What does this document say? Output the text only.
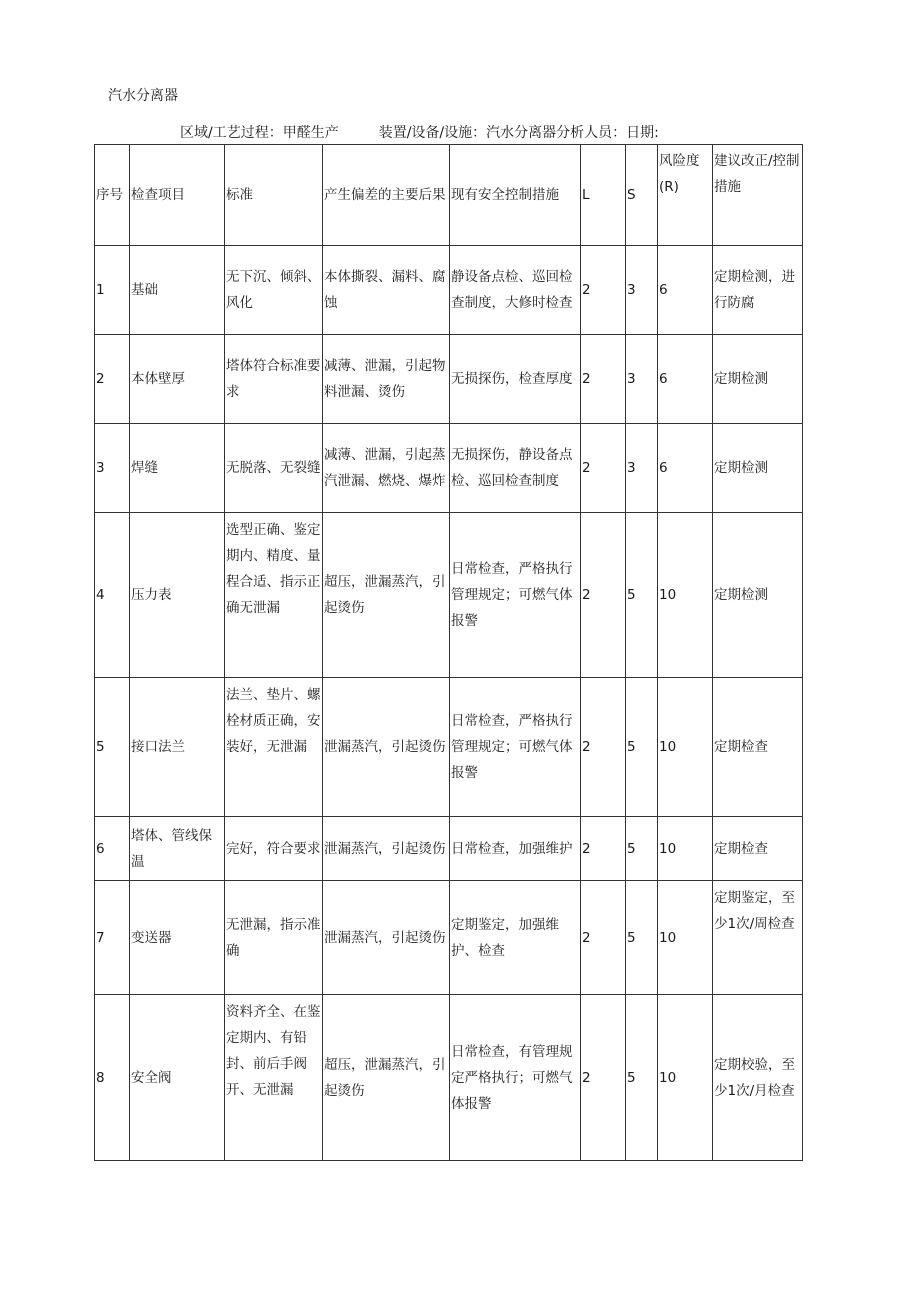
汽水分离器
区域/工艺过程：甲醛生产	装置/设备/设施：汽水分离器分析人员：日期:
序号	检查项目	标准	产生偏差的主要后果	现有安全控制措施	L	S	风险度(R)	建议改正/控制措施
1	基础	无下沉、倾斜、风化	本体撕裂、漏料、腐蚀	静设备点检、巡回检查制度，大修时检查	2	3	6	定期检测，进行防腐
2	本体壁厚	塔体符合标准要求	减薄、泄漏，引起物料泄漏、烫伤	无损探伤，检查厚度	2	3	6	定期检测
3	焊缝	无脱落、无裂缝	减薄、泄漏，引起蒸汽泄漏、燃烧、爆炸	无损探伤，静设备点检、巡回检查制度	2	3	6	定期检测
4	压力表	选型正确、鉴定期内、精度、量程合适、指示正确无泄漏	超压，泄漏蒸汽，引起烫伤	日常检查，严格执行管理规定；可燃气体报警	2	5	10	定期检测
5	接口法兰	法兰、垫片、螺栓材质正确，安装好，无泄漏	泄漏蒸汽，引起烫伤	日常检查，严格执行管理规定；可燃气体报警	2	5	10	定期检查
6	塔体、管线保温	完好，符合要求	泄漏蒸汽，引起烫伤	日常检查，加强维护	2	5	10	定期检查
7	变送器	无泄漏，指示准确	泄漏蒸汽，引起烫伤	定期鉴定，加强维护、检查	2	5	10	定期鉴定，至少1次/周检查
8	安全阀	资料齐全、在鉴定期内、有铅封、前后手阀开、无泄漏	超压，泄漏蒸汽，引起烫伤	日常检查，有管理规定严格执行；可燃气体报警	2	5	10	定期校验，至少1次/月检查
